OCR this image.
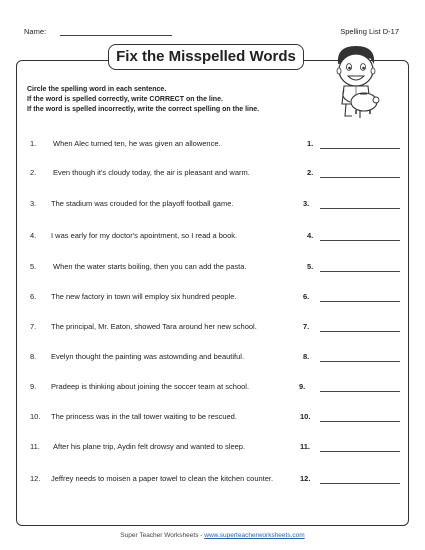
Name:	Spelling List D-17
Fix the Misspelled Words
Circle the spelling word in each sentence.
If the word is spelled correctly, write CORRECT on the line.
If the word is spelled incorrectly, write the correct spelling on the line.
1. When Alec turned ten, he was given an allowence.	1.
2. Even though it's cloudy today, the air is pleasant and warm.	2.
3. The stadium was crouded for the playoff football game.	3.
4. I was early for my doctor's apointment, so I read a book.	4.
5. When the water starts boiling, then you can add the pasta.	5.
6. The new factory in town will employ six hundred people.	6.
7. The principal, Mr. Eaton, showed Tara around her new school.	7.
8. Evelyn thought the painting was astownding and beautiful.	8.
9. Pradeep is thinking about joining the soccer team at school.	9.
10. The princess was in the tall tower waiting to be rescued.	10.
11. After his plane trip, Aydin felt drowsy and wanted to sleep.	11.
12. Jeffrey needs to moisen a paper towel to clean the kitchen counter.	12.
Super Teacher Worksheets - www.superteacherworksheets.com
